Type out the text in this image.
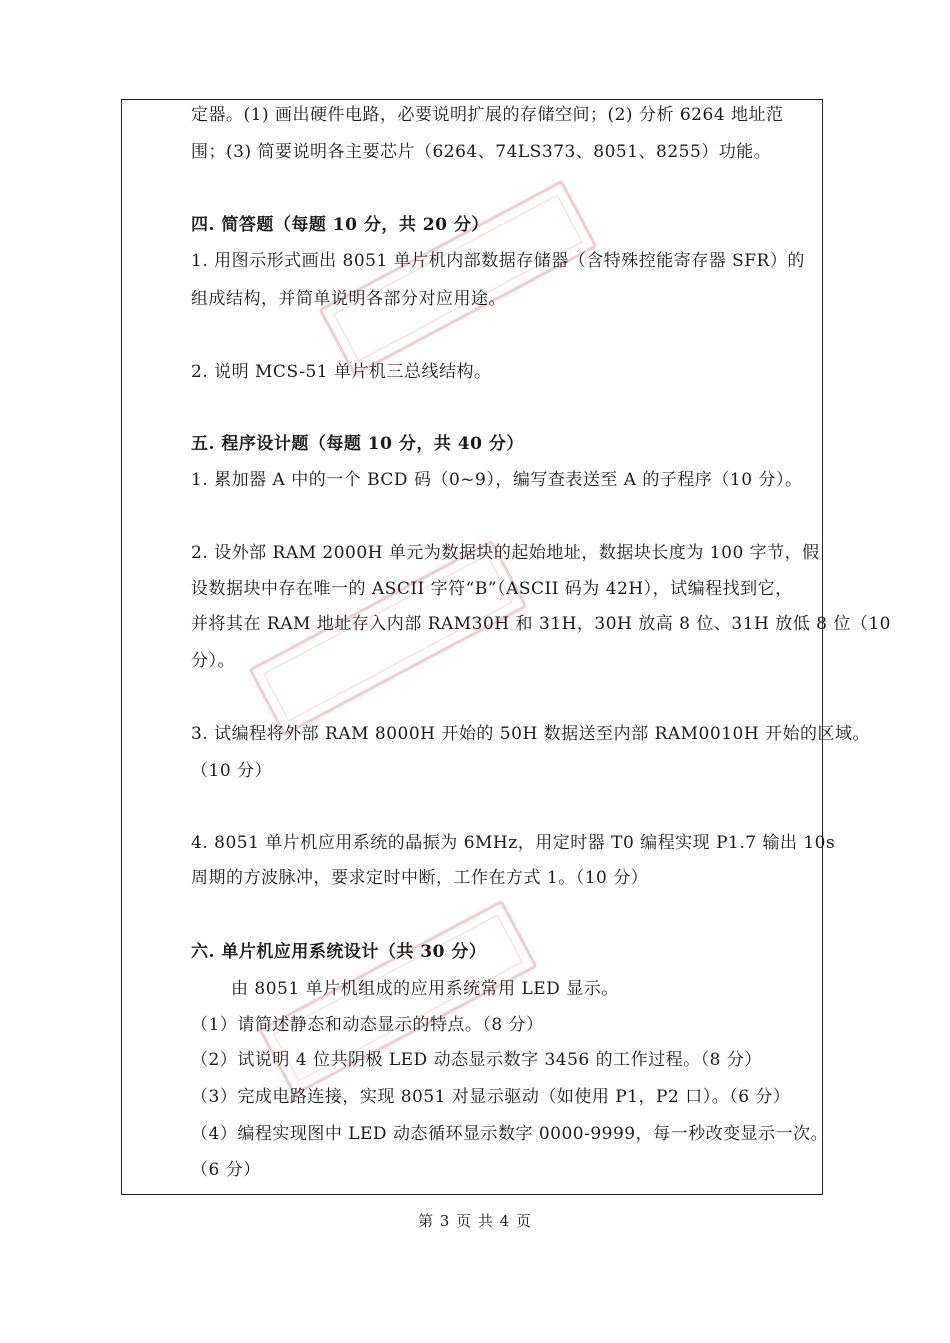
定器。(1) 画出硬件电路，必要说明扩展的存储空间；(2) 分析 6264 地址范
围；(3) 简要说明各主要芯片（6264、74LS373、8051、8255）功能。
四. 简答题（每题 10 分，共 20 分）
1. 用图示形式画出 8051 单片机内部数据存储器（含特殊控能寄存器 SFR）的
组成结构，并简单说明各部分对应用途。
2. 说明 MCS-51 单片机三总线结构。
五. 程序设计题（每题 10 分，共 40 分）
1. 累加器 A 中的一个 BCD 码（0~9），编写查表送至 A 的子程序（10 分）。
2. 设外部 RAM 2000H 单元为数据块的起始地址，数据块长度为 100 字节，假
设数据块中存在唯一的 ASCII 字符“B”（ASCII 码为 42H），试编程找到它，
并将其在 RAM 地址存入内部 RAM30H 和 31H，30H 放高 8 位、31H 放低 8 位（10
分）。
3. 试编程将外部 RAM 8000H 开始的 50H 数据送至内部 RAM0010H 开始的区域。
（10 分）
4. 8051 单片机应用系统的晶振为 6MHz，用定时器 T0 编程实现 P1.7 输出 10s
周期的方波脉冲，要求定时中断，工作在方式 1。（10 分）
六. 单片机应用系统设计（共 30 分）
由 8051 单片机组成的应用系统常用 LED 显示。
（1）请简述静态和动态显示的特点。（8 分）
（2）试说明 4 位共阴极 LED 动态显示数字 3456 的工作过程。（8 分）
（3）完成电路连接，实现 8051 对显示驱动（如使用 P1，P2 口）。（6 分）
（4）编程实现图中 LED 动态循环显示数字 0000-9999，每一秒改变显示一次。
（6 分）
第 3 页 共 4 页
